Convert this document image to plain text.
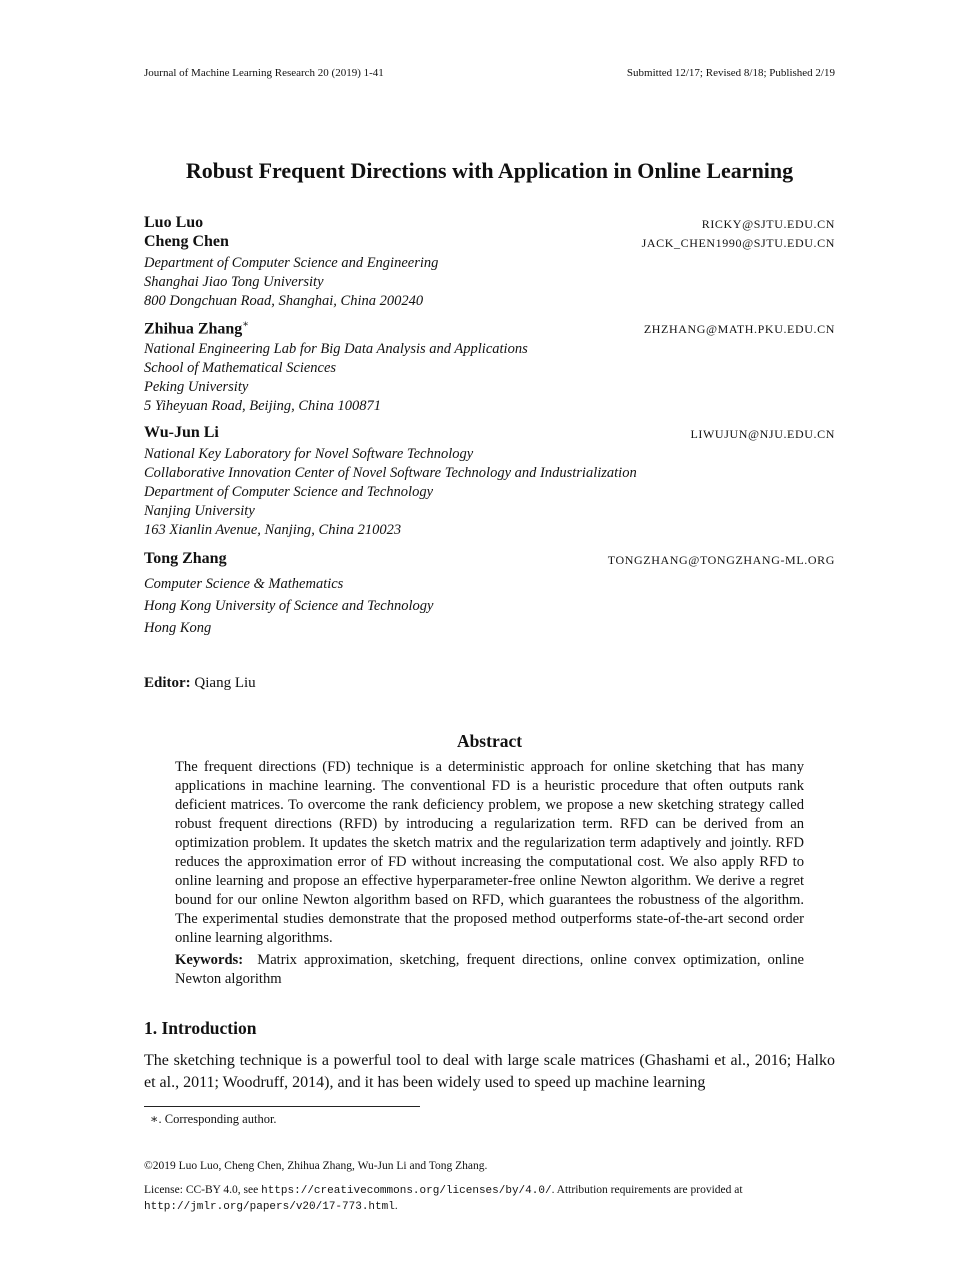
Journal of Machine Learning Research 20 (2019) 1-41	Submitted 12/17; Revised 8/18; Published 2/19
Robust Frequent Directions with Application in Online Learning
Luo Luo	RICKY@SJTU.EDU.CN
Cheng Chen	JACK_CHEN1990@SJTU.EDU.CN
Department of Computer Science and Engineering
Shanghai Jiao Tong University
800 Dongchuan Road, Shanghai, China 200240
Zhihua Zhang∗	ZHZHANG@MATH.PKU.EDU.CN
National Engineering Lab for Big Data Analysis and Applications
School of Mathematical Sciences
Peking University
5 Yiheyuan Road, Beijing, China 100871
Wu-Jun Li	LIWUJUN@NJU.EDU.CN
National Key Laboratory for Novel Software Technology
Collaborative Innovation Center of Novel Software Technology and Industrialization
Department of Computer Science and Technology
Nanjing University
163 Xianlin Avenue, Nanjing, China 210023
Tong Zhang	TONGZHANG@TONGZHANG-ML.ORG
Computer Science & Mathematics
Hong Kong University of Science and Technology
Hong Kong
Editor: Qiang Liu
Abstract
The frequent directions (FD) technique is a deterministic approach for online sketching that has many applications in machine learning. The conventional FD is a heuristic procedure that often outputs rank deficient matrices. To overcome the rank deficiency problem, we propose a new sketching strategy called robust frequent directions (RFD) by introducing a regularization term. RFD can be derived from an optimization problem. It updates the sketch matrix and the regularization term adaptively and jointly. RFD reduces the approximation error of FD without increasing the computational cost. We also apply RFD to online learning and propose an effective hyperparameter-free online Newton algorithm. We derive a regret bound for our online Newton algorithm based on RFD, which guarantees the robustness of the algorithm. The experimental studies demonstrate that the proposed method outperforms state-of-the-art second order online learning algorithms.
Keywords: Matrix approximation, sketching, frequent directions, online convex optimization, online Newton algorithm
1. Introduction
The sketching technique is a powerful tool to deal with large scale matrices (Ghashami et al., 2016; Halko et al., 2011; Woodruff, 2014), and it has been widely used to speed up machine learning
∗. Corresponding author.
©2019 Luo Luo, Cheng Chen, Zhihua Zhang, Wu-Jun Li and Tong Zhang.
License: CC-BY 4.0, see https://creativecommons.org/licenses/by/4.0/. Attribution requirements are provided at http://jmlr.org/papers/v20/17-773.html.
